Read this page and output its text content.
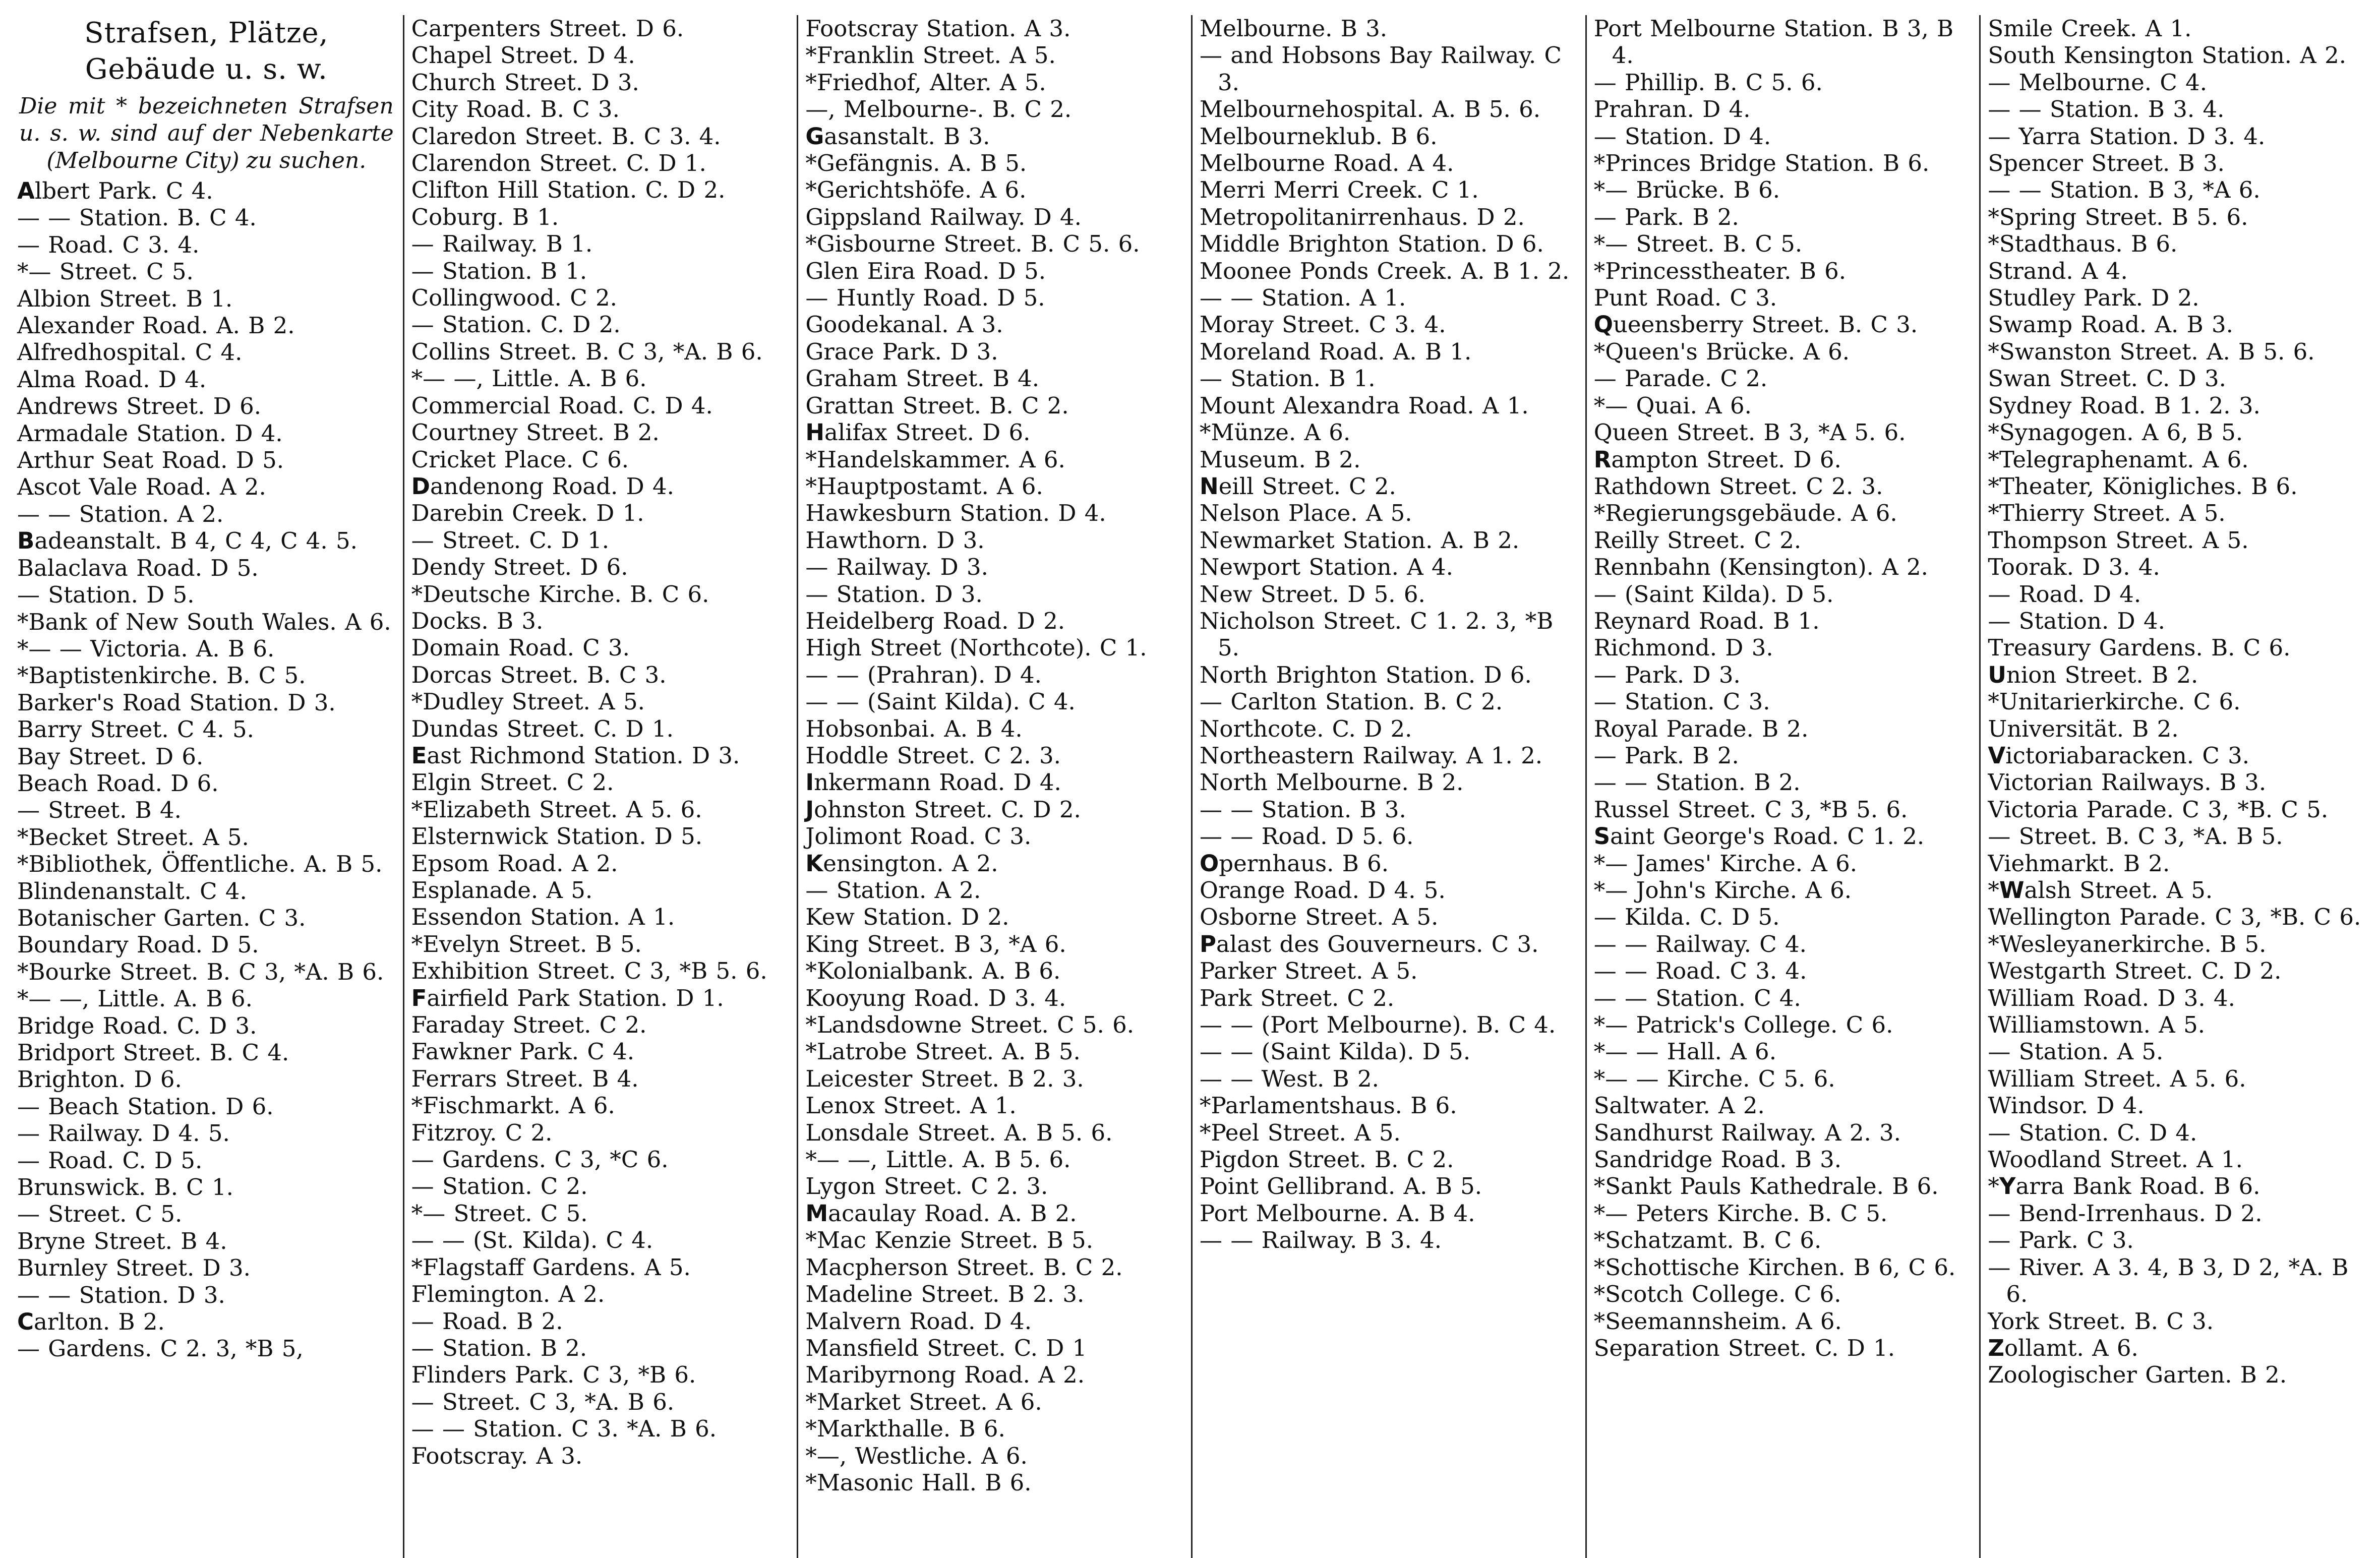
Strafsen, Plätze,
Gebäude u. s. w.
Die mit * bezeichneten Strafsen u. s. w. sind auf der Nebenkarte (Melbourne City) zu suchen.
Albert Park. C 4.
— — Station. B. C 4.
— Road. C 3. 4.
*— Street. C 5.
Albion Street. B 1.
Alexander Road. A. B 2.
Alfredhospital. C 4.
Alma Road. D 4.
Andrews Street. D 6.
Armadale Station. D 4.
Arthur Seat Road. D 5.
Ascot Vale Road. A 2.
— — Station. A 2.
Badeanstalt. B 4, C 4, C 4. 5.
Balaclava Road. D 5.
— Station. D 5.
*Bank of New South Wales. A 6.
*— — Victoria. A. B 6.
*Baptistenkirche. B. C 5.
Barker's Road Station. D 3.
Barry Street. C 4. 5.
Bay Street. D 6.
Beach Road. D 6.
— Street. B 4.
*Becket Street. A 5.
*Bibliothek, Öffentliche. A. B 5.
Blindenanstalt. C 4.
Botanischer Garten. C 3.
Boundary Road. D 5.
*Bourke Street. B. C 3, *A. B 6.
*— —, Little. A. B 6.
Bridge Road. C. D 3.
Bridport Street. B. C 4.
Brighton. D 6.
— Beach Station. D 6.
— Railway. D 4. 5.
— Road. C. D 5.
Brunswick. B. C 1.
— Street. C 5.
Bryne Street. B 4.
Burnley Street. D 3.
— — Station. D 3.
Carlton. B 2.
— Gardens. C 2. 3, *B 5,
Carpenters Street. D 6.
Chapel Street. D 4.
Church Street. D 3.
City Road. B. C 3.
Claredon Street. B. C 3. 4.
Clarendon Street. C. D 1.
Clifton Hill Station. C. D 2.
Coburg. B 1.
— Railway. B 1.
— Station. B 1.
Collingwood. C 2.
— Station. C. D 2.
Collins Street. B. C 3, *A. B 6.
*— —, Little. A. B 6.
Commercial Road. C. D 4.
Courtney Street. B 2.
Cricket Place. C 6.
Dandenong Road. D 4.
Darebin Creek. D 1.
— Street. C. D 1.
Dendy Street. D 6.
*Deutsche Kirche. B. C 6.
Docks. B 3.
Domain Road. C 3.
Dorcas Street. B. C 3.
*Dudley Street. A 5.
Dundas Street. C. D 1.
East Richmond Station. D 3.
Elgin Street. C 2.
*Elizabeth Street. A 5. 6.
Elsternwick Station. D 5.
Epsom Road. A 2.
Esplanade. A 5.
Essendon Station. A 1.
*Evelyn Street. B 5.
Exhibition Street. C 3, *B 5. 6.
Fairfield Park Station. D 1.
Faraday Street. C 2.
Fawkner Park. C 4.
Ferrars Street. B 4.
*Fischmarkt. A 6.
Fitzroy. C 2.
— Gardens. C 3, *C 6.
— Station. C 2.
*— Street. C 5.
— — (St. Kilda). C 4.
*Flagstaff Gardens. A 5.
Flemington. A 2.
— Road. B 2.
— Station. B 2.
Flinders Park. C 3, *B 6.
— Street. C 3, *A. B 6.
— — Station. C 3. *A. B 6.
Footscray. A 3.
Footscray Station. A 3.
*Franklin Street. A 5.
*Friedhof, Alter. A 5.
—, Melbourne-. B. C 2.
Gasanstalt. B 3.
*Gefängnis. A. B 5.
*Gerichtshöfe. A 6.
Gippsland Railway. D 4.
*Gisbourne Street. B. C 5. 6.
Glen Eira Road. D 5.
— Huntly Road. D 5.
Goodekanal. A 3.
Grace Park. D 3.
Graham Street. B 4.
Grattan Street. B. C 2.
Halifax Street. D 6.
*Handelskammer. A 6.
*Hauptpostamt. A 6.
Hawkesburn Station. D 4.
Hawthorn. D 3.
— Railway. D 3.
— Station. D 3.
Heidelberg Road. D 2.
High Street (Northcote). C 1.
— — (Prahran). D 4.
— — (Saint Kilda). C 4.
Hobsonbai. A. B 4.
Hoddle Street. C 2. 3.
Inkermann Road. D 4.
Johnston Street. C. D 2.
Jolimont Road. C 3.
Kensington. A 2.
— Station. A 2.
Kew Station. D 2.
King Street. B 3, *A 6.
*Kolonialbank. A. B 6.
Kooyung Road. D 3. 4.
*Landsdowne Street. C 5. 6.
*Latrobe Street. A. B 5.
Leicester Street. B 2. 3.
Lenox Street. A 1.
Lonsdale Street. A. B 5. 6.
*— —, Little. A. B 5. 6.
Lygon Street. C 2. 3.
Macaulay Road. A. B 2.
*Mac Kenzie Street. B 5.
Macpherson Street. B. C 2.
Madeline Street. B 2. 3.
Malvern Road. D 4.
Mansfield Street. C. D 1
Maribyrnong Road. A 2.
*Market Street. A 6.
*Markthalle. B 6.
*—, Westliche. A 6.
*Masonic Hall. B 6.
Melbourne. B 3.
— and Hobsons Bay Railway. C 3.
Melbournehospital. A. B 5. 6.
Melbourneklub. B 6.
Melbourne Road. A 4.
Merri Merri Creek. C 1.
Metropolitanirrenhaus. D 2.
Middle Brighton Station. D 6.
Moonee Ponds Creek. A. B 1. 2.
— — Station. A 1.
Moray Street. C 3. 4.
Moreland Road. A. B 1.
— Station. B 1.
Mount Alexandra Road. A 1.
*Münze. A 6.
Museum. B 2.
Neill Street. C 2.
Nelson Place. A 5.
Newmarket Station. A. B 2.
Newport Station. A 4.
New Street. D 5. 6.
Nicholson Street. C 1. 2. 3, *B 5.
North Brighton Station. D 6.
— Carlton Station. B. C 2.
Northcote. C. D 2.
Northeastern Railway. A 1. 2.
North Melbourne. B 2.
— — Station. B 3.
— — Road. D 5. 6.
Opernhaus. B 6.
Orange Road. D 4. 5.
Osborne Street. A 5.
Palast des Gouverneurs. C 3.
Parker Street. A 5.
Park Street. C 2.
— — (Port Melbourne). B. C 4.
— — (Saint Kilda). D 5.
— — West. B 2.
*Parlamentshaus. B 6.
*Peel Street. A 5.
Pigdon Street. B. C 2.
Point Gellibrand. A. B 5.
Port Melbourne. A. B 4.
— — Railway. B 3. 4.
Port Melbourne Station. B 3, B 4.
— Phillip. B. C 5. 6.
Prahran. D 4.
— Station. D 4.
*Princes Bridge Station. B 6.
*— Brücke. B 6.
— Park. B 2.
*— Street. B. C 5.
*Princesstheater. B 6.
Punt Road. C 3.
Queensberry Street. B. C 3.
*Queen's Brücke. A 6.
— Parade. C 2.
*— Quai. A 6.
Queen Street. B 3, *A 5. 6.
Rampton Street. D 6.
Rathdown Street. C 2. 3.
*Regierungsgebäude. A 6.
Reilly Street. C 2.
Rennbahn (Kensington). A 2.
— (Saint Kilda). D 5.
Reynard Road. B 1.
Richmond. D 3.
— Park. D 3.
— Station. C 3.
Royal Parade. B 2.
— Park. B 2.
— — Station. B 2.
Russel Street. C 3, *B 5. 6.
Saint George's Road. C 1. 2.
*— James' Kirche. A 6.
*— John's Kirche. A 6.
— Kilda. C. D 5.
— — Railway. C 4.
— — Road. C 3. 4.
— — Station. C 4.
*— Patrick's College. C 6.
*— — Hall. A 6.
*— — Kirche. C 5. 6.
Saltwater. A 2.
Sandhurst Railway. A 2. 3.
Sandridge Road. B 3.
*Sankt Pauls Kathedrale. B 6.
*— Peters Kirche. B. C 5.
*Schatzamt. B. C 6.
*Schottische Kirchen. B 6, C 6.
*Scotch College. C 6.
*Seemannsheim. A 6.
Separation Street. C. D 1.
Smile Creek. A 1.
South Kensington Station. A 2.
— Melbourne. C 4.
— — Station. B 3. 4.
— Yarra Station. D 3. 4.
Spencer Street. B 3.
— — Station. B 3, *A 6.
*Spring Street. B 5. 6.
*Stadthaus. B 6.
Strand. A 4.
Studley Park. D 2.
Swamp Road. A. B 3.
*Swanston Street. A. B 5. 6.
Swan Street. C. D 3.
Sydney Road. B 1. 2. 3.
*Synagogen. A 6, B 5.
*Telegraphenamt. A 6.
*Theater, Königliches. B 6.
*Thierry Street. A 5.
Thompson Street. A 5.
Toorak. D 3. 4.
— Road. D 4.
— Station. D 4.
Treasury Gardens. B. C 6.
Union Street. B 2.
*Unitarierkirche. C 6.
Universität. B 2.
Victoriabaracken. C 3.
Victorian Railways. B 3.
Victoria Parade. C 3, *B. C 5.
— Street. B. C 3, *A. B 5.
Viehmarkt. B 2.
*Walsh Street. A 5.
Wellington Parade. C 3, *B. C 6.
*Wesleyanerkirche. B 5.
Westgarth Street. C. D 2.
William Road. D 3. 4.
Williamstown. A 5.
— Station. A 5.
William Street. A 5. 6.
Windsor. D 4.
— Station. C. D 4.
Woodland Street. A 1.
*Yarra Bank Road. B 6.
— Bend-Irrenhaus. D 2.
— Park. C 3.
— River. A 3. 4, B 3, D 2, *A. B 6.
York Street. B. C 3.
Zollamt. A 6.
Zoologischer Garten. B 2.
